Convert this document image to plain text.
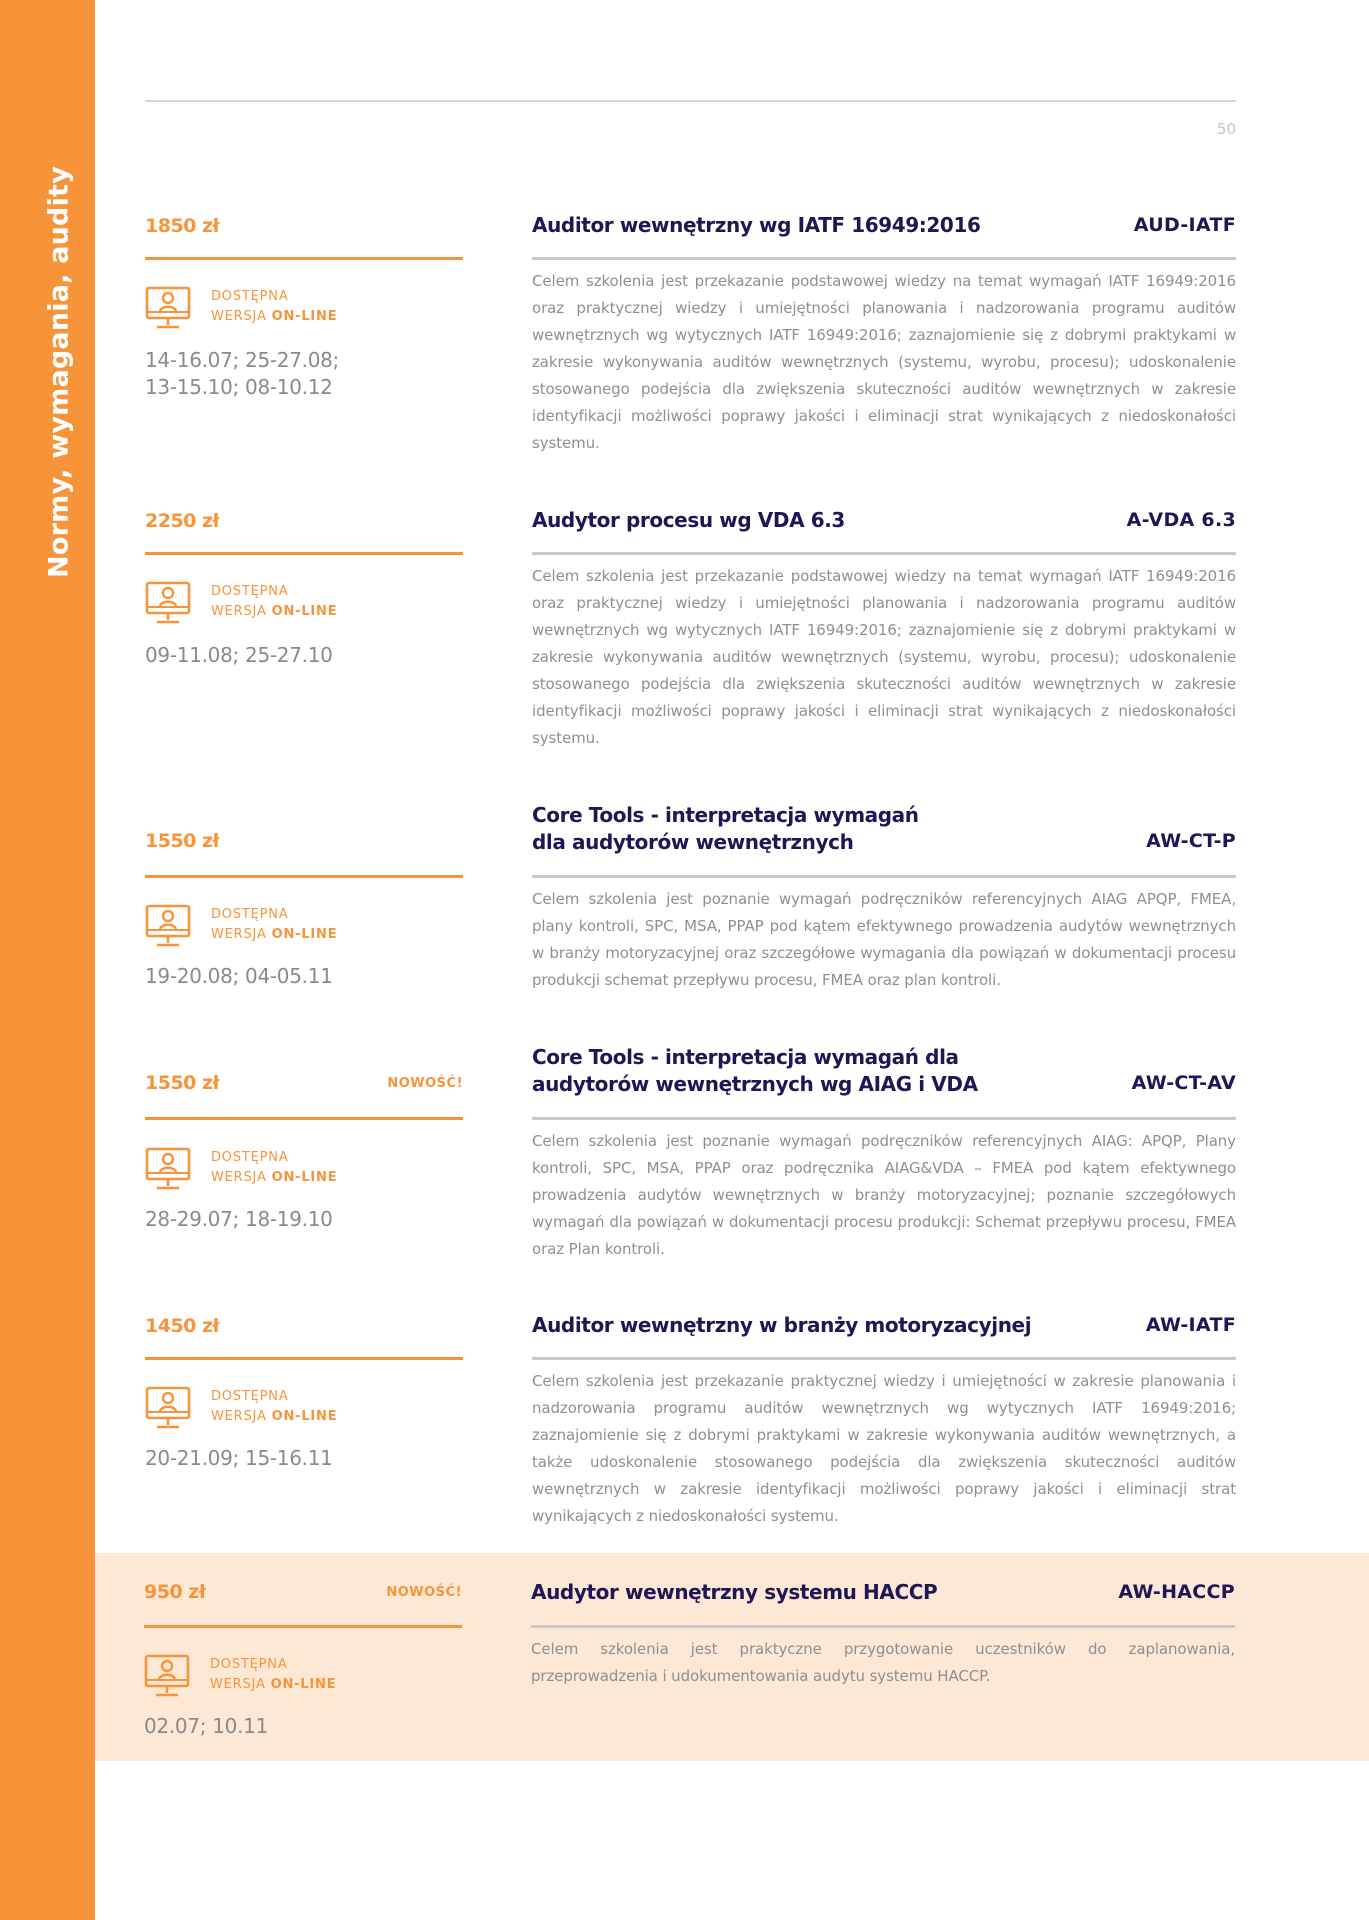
Normy, wymagania, audity
50
1850 zł
DOSTĘPNA
WERSJA ON-LINE
14-16.07; 25-27.08;
13-15.10; 08-10.12
Auditor wewnętrzny wg IATF 16949:2016	AUD-IATF
Celem szkolenia jest przekazanie podstawowej wiedzy na temat wymagań IATF 16949:2016 oraz praktycznej wiedzy i umiejętności planowania i nadzorowania programu auditów wewnętrznych wg wytycznych IATF 16949:2016; zaznajomienie się z dobrymi praktykami w zakresie wykonywania auditów wewnętrznych (systemu, wyrobu, procesu); udoskonalenie stosowanego podejścia dla zwiększenia skuteczności auditów wewnętrznych w zakresie identyfikacji możliwości poprawy jakości i eliminacji strat wynikających z niedoskonałości systemu.
2250 zł
DOSTĘPNA
WERSJA ON-LINE
09-11.08; 25-27.10
Audytor procesu wg VDA 6.3	A-VDA 6.3
Celem szkolenia jest przekazanie podstawowej wiedzy na temat wymagań IATF 16949:2016 oraz praktycznej wiedzy i umiejętności planowania i nadzorowania programu auditów wewnętrznych wg wytycznych IATF 16949:2016; zaznajomienie się z dobrymi praktykami w zakresie wykonywania auditów wewnętrznych (systemu, wyrobu, procesu); udoskonalenie stosowanego podejścia dla zwiększenia skuteczności auditów wewnętrznych w zakresie identyfikacji możliwości poprawy jakości i eliminacji strat wynikających z niedoskonałości systemu.
1550 zł
DOSTĘPNA
WERSJA ON-LINE
19-20.08; 04-05.11
Core Tools - interpretacja wymagań dla audytorów wewnętrznych	AW-CT-P
Celem szkolenia jest poznanie wymagań podręczników referencyjnych AIAG APQP, FMEA, plany kontroli, SPC, MSA, PPAP pod kątem efektywnego prowadzenia audytów wewnętrznych w branży motoryzacyjnej oraz szczegółowe wymagania dla powiązań w dokumentacji procesu produkcji schemat przepływu procesu, FMEA oraz plan kontroli.
1550 zł	NOWOŚĆ!
DOSTĘPNA
WERSJA ON-LINE
28-29.07; 18-19.10
Core Tools - interpretacja wymagań dla audytorów wewnętrznych wg AIAG i VDA	AW-CT-AV
Celem szkolenia jest poznanie wymagań podręczników referencyjnych AIAG: APQP, Plany kontroli, SPC, MSA, PPAP oraz podręcznika AIAG&VDA – FMEA pod kątem efektywnego prowadzenia audytów wewnętrznych w branży motoryzacyjnej; poznanie szczegółowych wymagań dla powiązań w dokumentacji procesu produkcji: Schemat przepływu procesu, FMEA oraz Plan kontroli.
1450 zł
DOSTĘPNA
WERSJA ON-LINE
20-21.09; 15-16.11
Auditor wewnętrzny w branży motoryzacyjnej	AW-IATF
Celem szkolenia jest przekazanie praktycznej wiedzy i umiejętności w zakresie planowania i nadzorowania programu auditów wewnętrznych wg wytycznych IATF 16949:2016; zaznajomienie się z dobrymi praktykami w zakresie wykonywania auditów wewnętrznych, a także udoskonalenie stosowanego podejścia dla zwiększenia skuteczności auditów wewnętrznych w zakresie identyfikacji możliwości poprawy jakości i eliminacji strat wynikających z niedoskonałości systemu.
950 zł	NOWOŚĆ!
DOSTĘPNA
WERSJA ON-LINE
02.07; 10.11
Audytor wewnętrzny systemu HACCP	AW-HACCP
Celem szkolenia jest praktyczne przygotowanie uczestników do zaplanowania, przeprowadzenia i udokumentowania audytu systemu HACCP.
